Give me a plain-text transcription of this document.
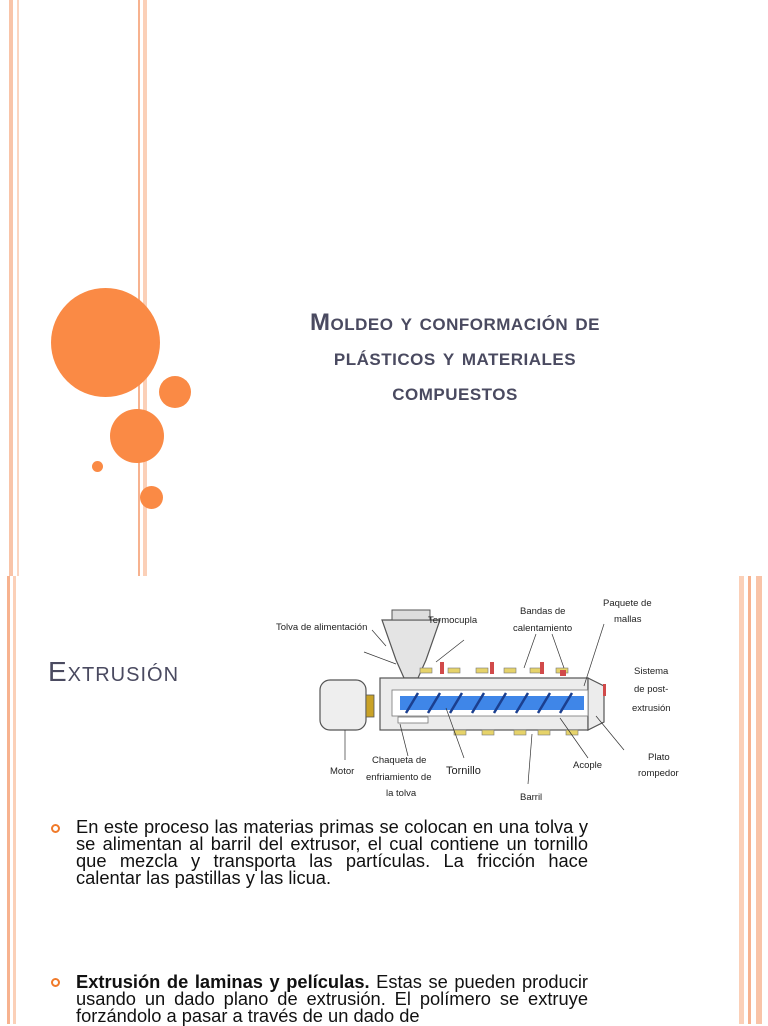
Moldeo y conformación de
plásticos y materiales
compuestos
Extrusión
Tolva de alimentación
Termocupla
Bandas de
calentamiento
Paquete de
mallas
Sistema
de post-
extrusión
Motor
Chaqueta de
enfriamiento de
la tolva
Tornillo	Acople
Barril
Plato
rompedor
En este proceso las materias primas se colocan en una tolva y se alimentan al barril del extrusor, el cual contiene un tornillo que mezcla y transporta las partículas. La fricción hace calentar las pastillas y las licua.
Extrusión de laminas y películas. Estas se pueden producir usando un dado plano de extrusión. El polímero se extruye forzándolo a pasar a través de un dado de
